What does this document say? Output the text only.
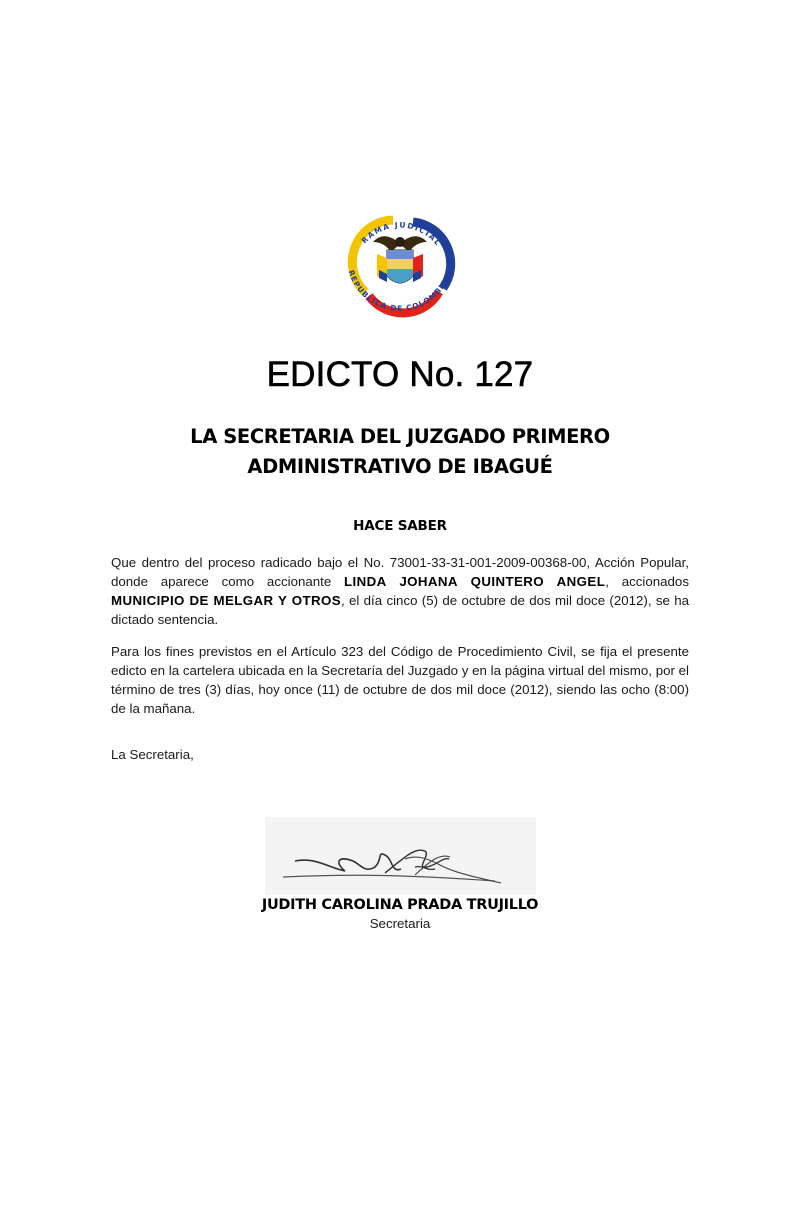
RAMA JUDICIAL
REPUBLICA DE COLOMBIA
EDICTO No. 127
LA SECRETARIA DEL JUZGADO PRIMERO
ADMINISTRATIVO DE IBAGUÉ
HACE SABER
Que dentro del proceso radicado bajo el No. 73001-33-31-001-2009-00368-00, Acción Popular, donde aparece como accionante LINDA JOHANA QUINTERO ANGEL, accionados MUNICIPIO DE MELGAR Y OTROS, el día cinco (5) de octubre de dos mil doce (2012), se ha dictado sentencia.
Para los fines previstos en el Artículo 323 del Código de Procedimiento Civil, se fija el presente edicto en la cartelera ubicada en la Secretaría del Juzgado y en la página virtual del mismo, por el término de tres (3) días, hoy once (11) de octubre de dos mil doce (2012), siendo las ocho (8:00) de la mañana.
La Secretaria,
JUDITH CAROLINA PRADA TRUJILLO
Secretaria
